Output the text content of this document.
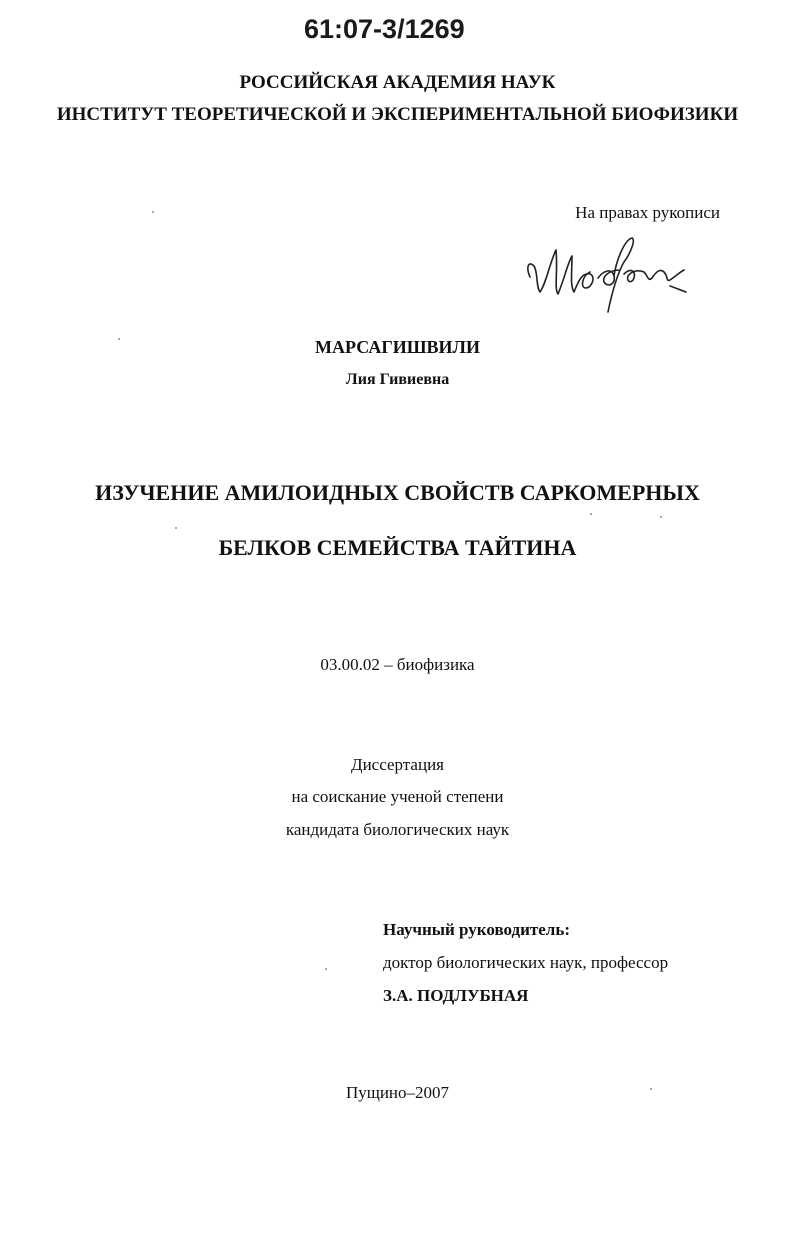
61:07-3/1269
РОССИЙСКАЯ АКАДЕМИЯ НАУК
ИНСТИТУТ ТЕОРЕТИЧЕСКОЙ И ЭКСПЕРИМЕНТАЛЬНОЙ БИОФИЗИКИ
На правах рукописи
МАРСАГИШВИЛИ
Лия Гивиевна
ИЗУЧЕНИЕ АМИЛОИДНЫХ СВОЙСТВ САРКОМЕРНЫХ
БЕЛКОВ СЕМЕЙСТВА ТАЙТИНА
03.00.02 – биофизика
Диссертация
на соискание ученой степени
кандидата биологических наук
Научный руководитель:
доктор биологических наук, профессор
З.А. ПОДЛУБНАЯ
Пущино–2007
